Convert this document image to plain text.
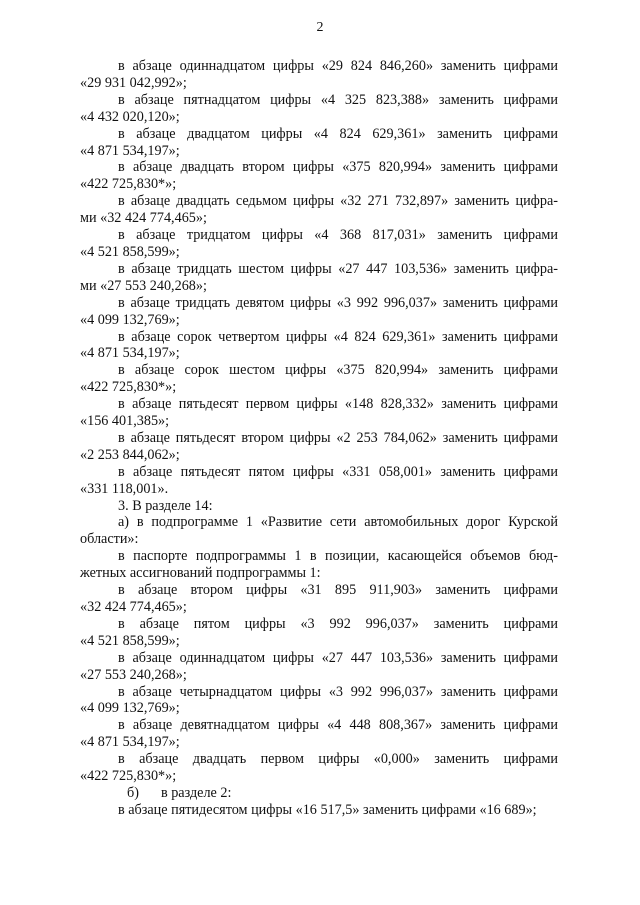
2
в абзаце одиннадцатом цифры «29 824 846,260» заменить цифрами
«29 931 042,992»;
в абзаце пятнадцатом цифры «4 325 823,388» заменить цифрами
«4 432 020,120»;
в абзаце двадцатом цифры «4 824 629,361» заменить цифрами
«4 871 534,197»;
в абзаце двадцать втором цифры «375 820,994» заменить цифрами
«422 725,830*»;
в абзаце двадцать седьмом цифры «32 271 732,897» заменить цифра-
ми «32 424 774,465»;
в абзаце тридцатом цифры «4 368 817,031» заменить цифрами
«4 521 858,599»;
в абзаце тридцать шестом цифры «27 447 103,536» заменить цифра-
ми «27 553 240,268»;
в абзаце тридцать девятом цифры «3 992 996,037» заменить цифрами
«4 099 132,769»;
в абзаце сорок четвертом цифры «4 824 629,361» заменить цифрами
«4 871 534,197»;
в абзаце сорок шестом цифры «375 820,994» заменить цифрами
«422 725,830*»;
в абзаце пятьдесят первом цифры «148 828,332» заменить цифрами
«156 401,385»;
в абзаце пятьдесят втором цифры «2 253 784,062» заменить цифрами
«2 253 844,062»;
в абзаце пятьдесят пятом цифры «331 058,001» заменить цифрами
«331 118,001».

3. В разделе 14:

а) в подпрограмме 1 «Развитие сети автомобильных дорог Курской
области»:
в паспорте подпрограммы 1 в позиции, касающейся объемов бюд-
жетных ассигнований подпрограммы 1:
в абзаце втором цифры «31 895 911,903» заменить цифрами
«32 424 774,465»;
в абзаце пятом цифры «3 992 996,037» заменить цифрами
«4 521 858,599»;
в абзаце одиннадцатом цифры «27 447 103,536» заменить цифрами
«27 553 240,268»;
в абзаце четырнадцатом цифры «3 992 996,037» заменить цифрами
«4 099 132,769»;
в абзаце девятнадцатом цифры «4 448 808,367» заменить цифрами
«4 871 534,197»;
в абзаце двадцать первом цифры «0,000» заменить цифрами
«422 725,830*»;

б) в разделе 2:

в абзаце пятидесятом цифры «16 517,5» заменить цифрами «16 689»;
